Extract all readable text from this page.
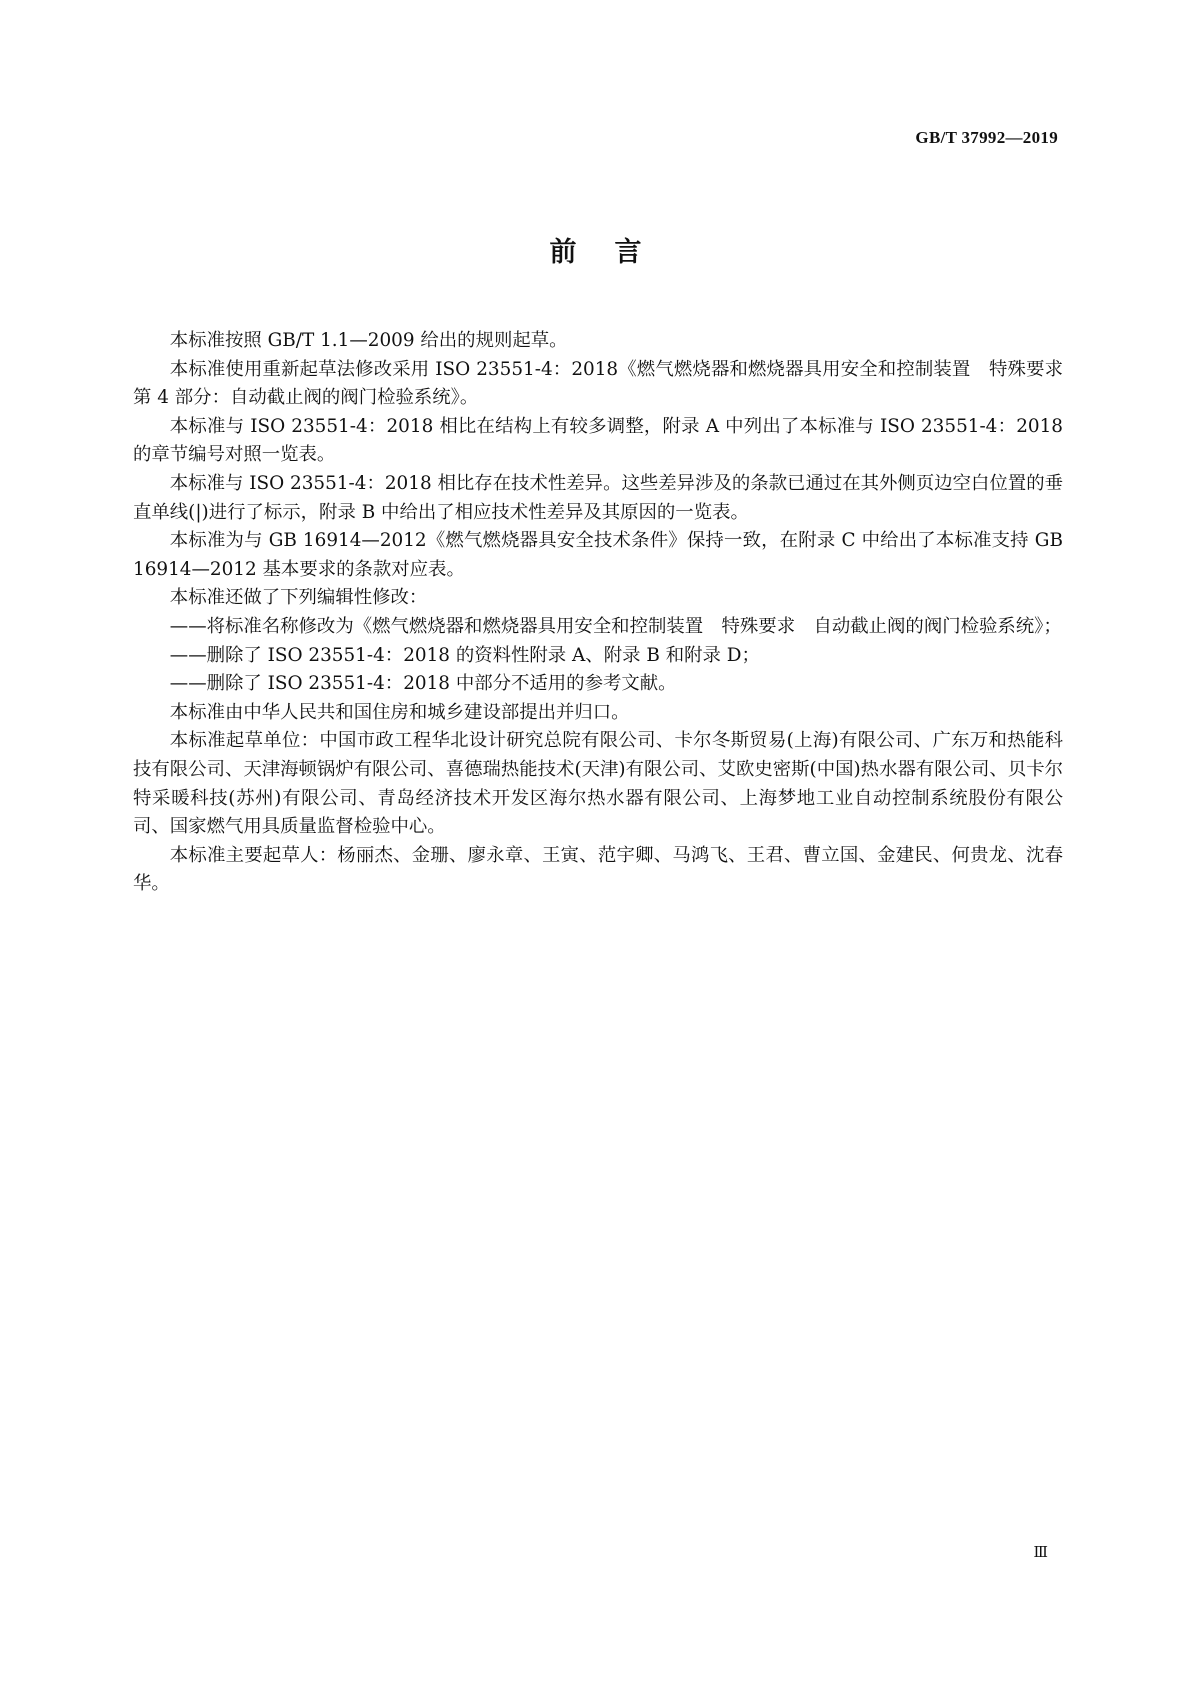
GB/T 37992—2019
前言

本标准按照 GB/T 1.1—2009 给出的规则起草。

本标准使用重新起草法修改采用 ISO 23551-4：2018《燃气燃烧器和燃烧器具用安全和控制装置　特殊要求　第 4 部分：自动截止阀的阀门检验系统》。

本标准与 ISO 23551-4：2018 相比在结构上有较多调整，附录 A 中列出了本标准与 ISO 23551-4：2018 的章节编号对照一览表。

本标准与 ISO 23551-4：2018 相比存在技术性差异。这些差异涉及的条款已通过在其外侧页边空白位置的垂直单线(|)进行了标示，附录 B 中给出了相应技术性差异及其原因的一览表。

本标准为与 GB 16914—2012《燃气燃烧器具安全技术条件》保持一致，在附录 C 中给出了本标准支持 GB 16914—2012 基本要求的条款对应表。

本标准还做了下列编辑性修改：

——将标准名称修改为《燃气燃烧器和燃烧器具用安全和控制装置　特殊要求　自动截止阀的阀门检验系统》；

——删除了 ISO 23551-4：2018 的资料性附录 A、附录 B 和附录 D；

——删除了 ISO 23551-4：2018 中部分不适用的参考文献。

本标准由中华人民共和国住房和城乡建设部提出并归口。

本标准起草单位：中国市政工程华北设计研究总院有限公司、卡尔冬斯贸易(上海)有限公司、广东万和热能科技有限公司、天津海顿锅炉有限公司、喜德瑞热能技术(天津)有限公司、艾欧史密斯(中国)热水器有限公司、贝卡尔特采暖科技(苏州)有限公司、青岛经济技术开发区海尔热水器有限公司、上海梦地工业自动控制系统股份有限公司、国家燃气用具质量监督检验中心。

本标准主要起草人：杨丽杰、金珊、廖永章、王寅、范宇卿、马鸿飞、王君、曹立国、金建民、何贵龙、沈春华。

Ⅲ
